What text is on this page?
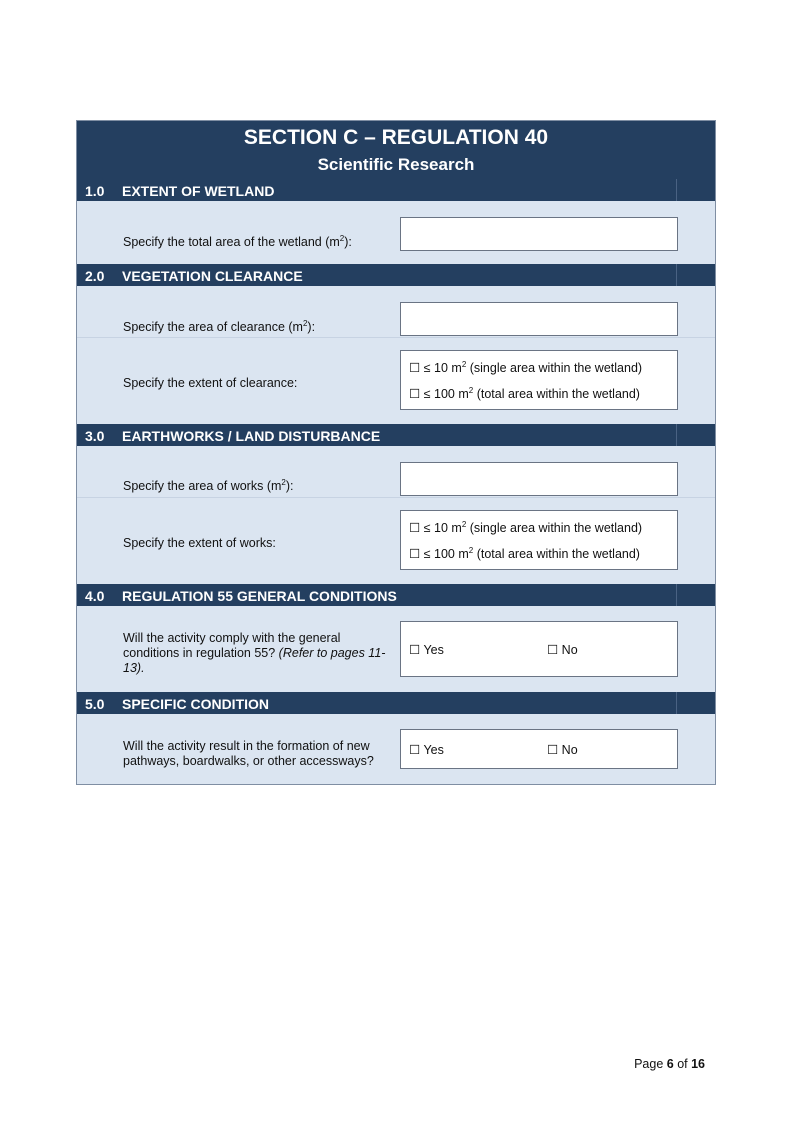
SECTION C – REGULATION 40
Scientific Research
1.0 EXTENT OF WETLAND
Specify the total area of the wetland $(m^2)$:
2.0 VEGETATION CLEARANCE
Specify the area of clearance $(m^2)$:
Specify the extent of clearance:
☐ ≤ 10 $m^2$ (single area within the wetland)
☐ ≤ 100 $m^2$ (total area within the wetland)
3.0 EARTHWORKS / LAND DISTURBANCE
Specify the area of works $(m^2)$:
Specify the extent of works:
☐ ≤ 10 $m^2$ (single area within the wetland)
☐ ≤ 100 $m^2$ (total area within the wetland)
4.0 REGULATION 55 GENERAL CONDITIONS
Will the activity comply with the general conditions in regulation 55? (Refer to pages 11-13).
☐ Yes	☐ No
5.0 SPECIFIC CONDITION
Will the activity result in the formation of new pathways, boardwalks, or other accessways?
☐ Yes	☐ No
Page 6 of 16
